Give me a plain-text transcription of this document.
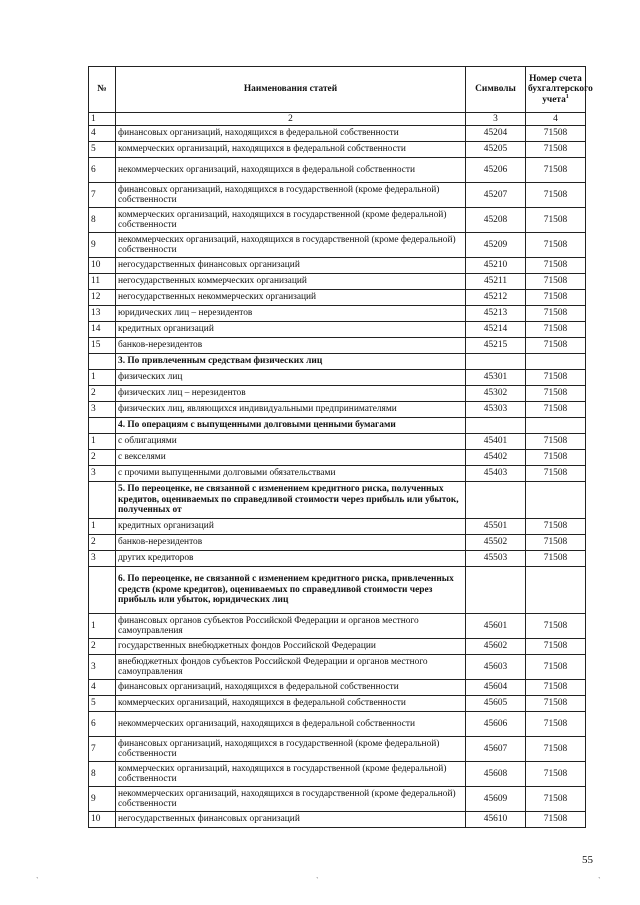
№	Наименования статей	Символы	Номер счета бухгалтерского учета$^1$
1	2	3	4
4	финансовых организаций, находящихся в федеральной собственности	45204	71508
5	коммерческих организаций, находящихся в федеральной собственности	45205	71508
6	некоммерческих организаций, находящихся в федеральной собственности	45206	71508
7	финансовых организаций, находящихся в государственной (кроме федеральной) собственности	45207	71508
8	коммерческих организаций, находящихся в государственной (кроме федеральной) собственности	45208	71508
9	некоммерческих организаций, находящихся в государственной (кроме федеральной) собственности	45209	71508
10	негосударственных финансовых организаций	45210	71508
11	негосударственных коммерческих организаций	45211	71508
12	негосударственных некоммерческих организаций	45212	71508
13	юридических лиц – нерезидентов	45213	71508
14	кредитных организаций	45214	71508
15	банков-нерезидентов	45215	71508
	3. По привлеченным средствам физических лиц		
1	физических лиц	45301	71508
2	физических лиц – нерезидентов	45302	71508
3	физических лиц, являющихся индивидуальными предпринимателями	45303	71508
	4. По операциям с выпущенными долговыми ценными бумагами		
1	с облигациями	45401	71508
2	с векселями	45402	71508
3	с прочими выпущенными долговыми обязательствами	45403	71508
	5. По переоценке, не связанной с изменением кредитного риска, полученных кредитов, оцениваемых по справедливой стоимости через прибыль или убыток, полученных от		
1	кредитных организаций	45501	71508
2	банков-нерезидентов	45502	71508
3	других кредиторов	45503	71508
	6. По переоценке, не связанной с изменением кредитного риска, привлеченных средств (кроме кредитов), оцениваемых по справедливой стоимости через прибыль или убыток, юридических лиц		
1	финансовых органов субъектов Российской Федерации и органов местного самоуправления	45601	71508
2	государственных внебюджетных фондов Российской Федерации	45602	71508
3	внебюджетных фондов субъектов Российской Федерации и органов местного самоуправления	45603	71508
4	финансовых организаций, находящихся в федеральной собственности	45604	71508
5	коммерческих организаций, находящихся в федеральной собственности	45605	71508
6	некоммерческих организаций, находящихся в федеральной собственности	45606	71508
7	финансовых организаций, находящихся в государственной (кроме федеральной) собственности	45607	71508
8	коммерческих организаций, находящихся в государственной (кроме федеральной) собственности	45608	71508
9	некоммерческих организаций, находящихся в государственной (кроме федеральной) собственности	45609	71508
10	негосударственных финансовых организаций	45610	71508
55
`	`	`
